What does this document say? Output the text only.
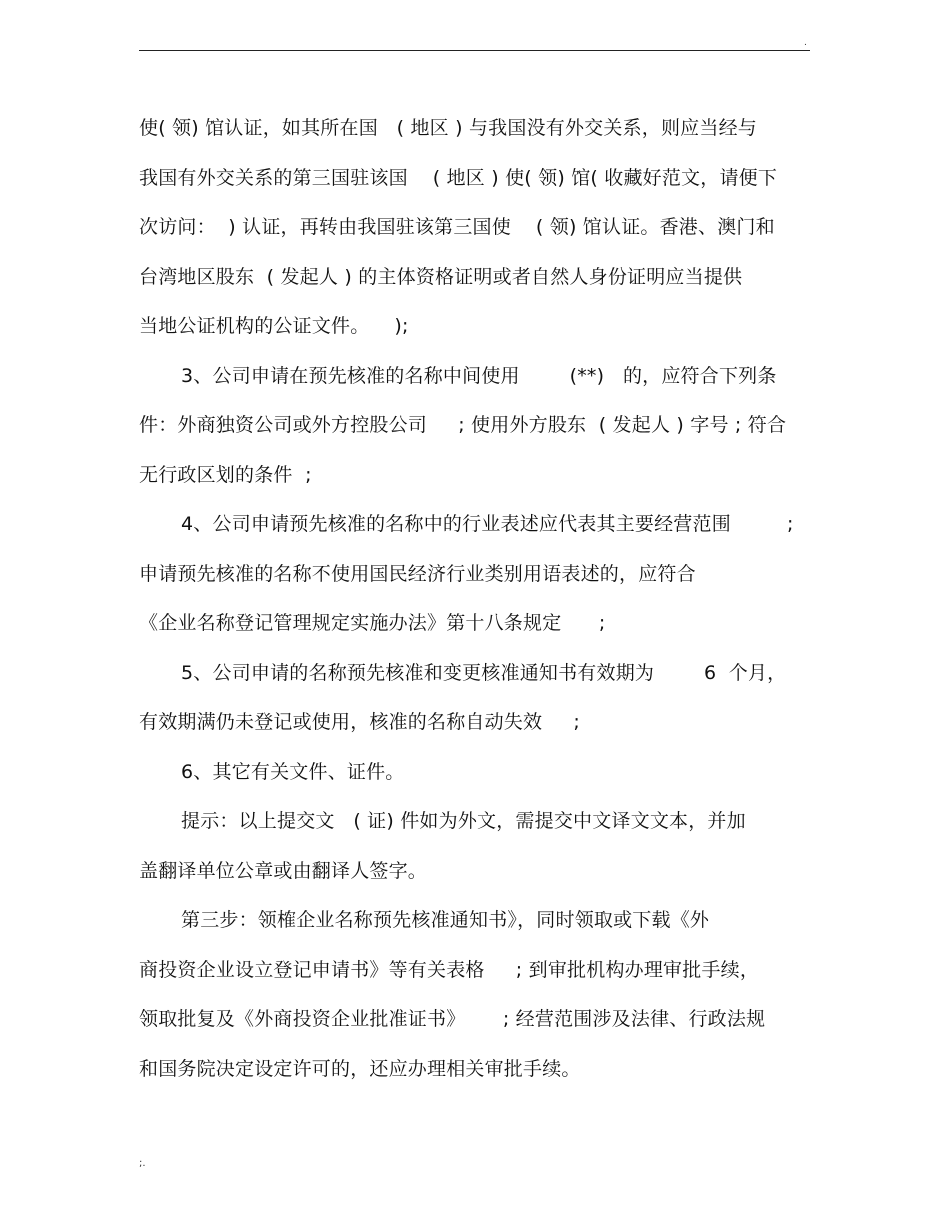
.
使( 领) 馆认证，如其所在国   ( 地区 ) 与我国没有外交关系，则应当经与
我国有外交关系的第三国驻该国    ( 地区 ) 使( 领) 馆( 收藏好范文，请便下
次访问：  ) 认证，再转由我国驻该第三国使    ( 领) 馆认证。香港、澳门和
台湾地区股东  ( 发起人 ) 的主体资格证明或者自然人身份证明应当提供
当地公证机构的公证文件。    );
3、公司申请在预先核准的名称中间使用        (**)   的，应符合下列条
件：外商独资公司或外方控股公司     ; 使用外方股东  ( 发起人 ) 字号 ; 符合
无行政区划的条件  ;
4、公司申请预先核准的名称中的行业表述应代表其主要经营范围         ;
申请预先核准的名称不使用国民经济行业类别用语表述的，应符合
《企业名称登记管理规定实施办法》第十八条规定      ;
5、公司申请的名称预先核准和变更核准通知书有效期为        6  个月，
有效期满仍未登记或使用，核准的名称自动失效     ;
6、其它有关文件、证件。
提示：以上提交文   ( 证) 件如为外文，需提交中文译文文本，并加
盖翻译单位公章或由翻译人签字。
第三步：领榷企业名称预先核准通知书》，同时领取或下载《外
商投资企业设立登记申请书》等有关表格     ; 到审批机构办理审批手续，
领取批复及《外商投资企业批准证书》      ; 经营范围涉及法律、行政法规
和国务院决定设定许可的，还应办理相关审批手续。
;.
